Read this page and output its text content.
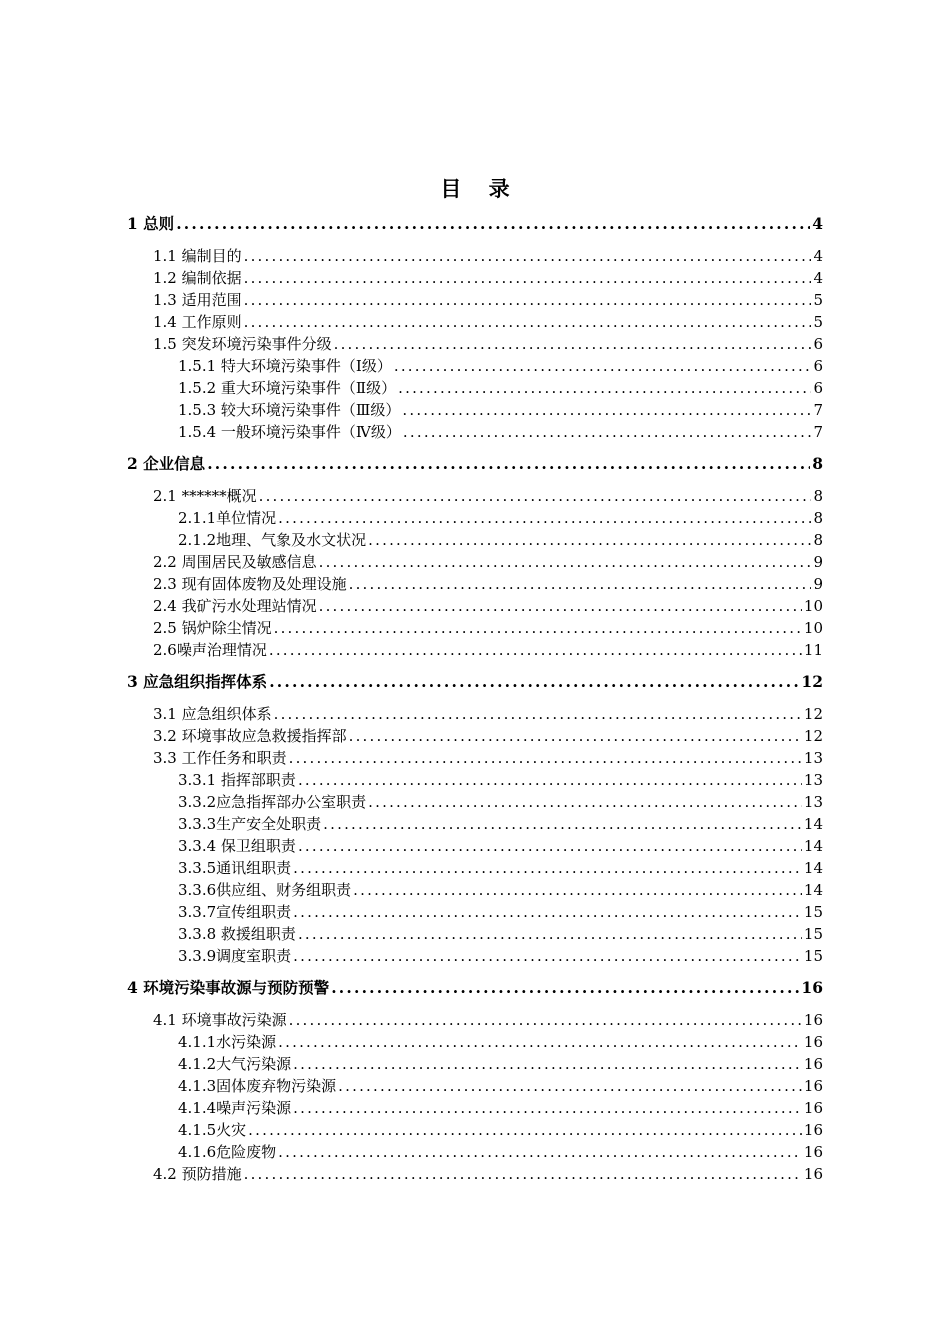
目 录
1 总则 .....	4
1.1 编制目的 .....	4
1.2 编制依据 .....	4
1.3 适用范围 .....	5
1.4 工作原则 .....	5
1.5 突发环境污染事件分级 .....	6
1.5.1 特大环境污染事件（Ⅰ级） .....	6
1.5.2 重大环境污染事件（Ⅱ级） .....	6
1.5.3 较大环境污染事件（Ⅲ级） .....	7
1.5.4 一般环境污染事件（Ⅳ级） .....	7
2 企业信息 .....	8
2.1 ******概况 .....	8
2.1.1单位情况 .....	8
2.1.2地理、气象及水文状况 .....	8
2.2 周围居民及敏感信息 .....	9
2.3 现有固体废物及处理设施 .....	9
2.4 我矿污水处理站情况 .....	10
2.5 锅炉除尘情况 .....	10
2.6噪声治理情况 .....	11
3 应急组织指挥体系 .....	12
3.1 应急组织体系 .....	12
3.2 环境事故应急救援指挥部 .....	12
3.3 工作任务和职责 .....	13
3.3.1 指挥部职责 .....	13
3.3.2应急指挥部办公室职责 .....	13
3.3.3生产安全处职责 .....	14
3.3.4 保卫组职责 .....	14
3.3.5通讯组职责 .....	14
3.3.6供应组、财务组职责 .....	14
3.3.7宣传组职责 .....	15
3.3.8 救援组职责 .....	15
3.3.9调度室职责 .....	15
4 环境污染事故源与预防预警 .....	16
4.1 环境事故污染源 .....	16
4.1.1水污染源 .....	16
4.1.2大气污染源 .....	16
4.1.3固体废弃物污染源 .....	16
4.1.4噪声污染源 .....	16
4.1.5火灾 .....	16
4.1.6危险废物 .....	16
4.2 预防措施 .....	16
